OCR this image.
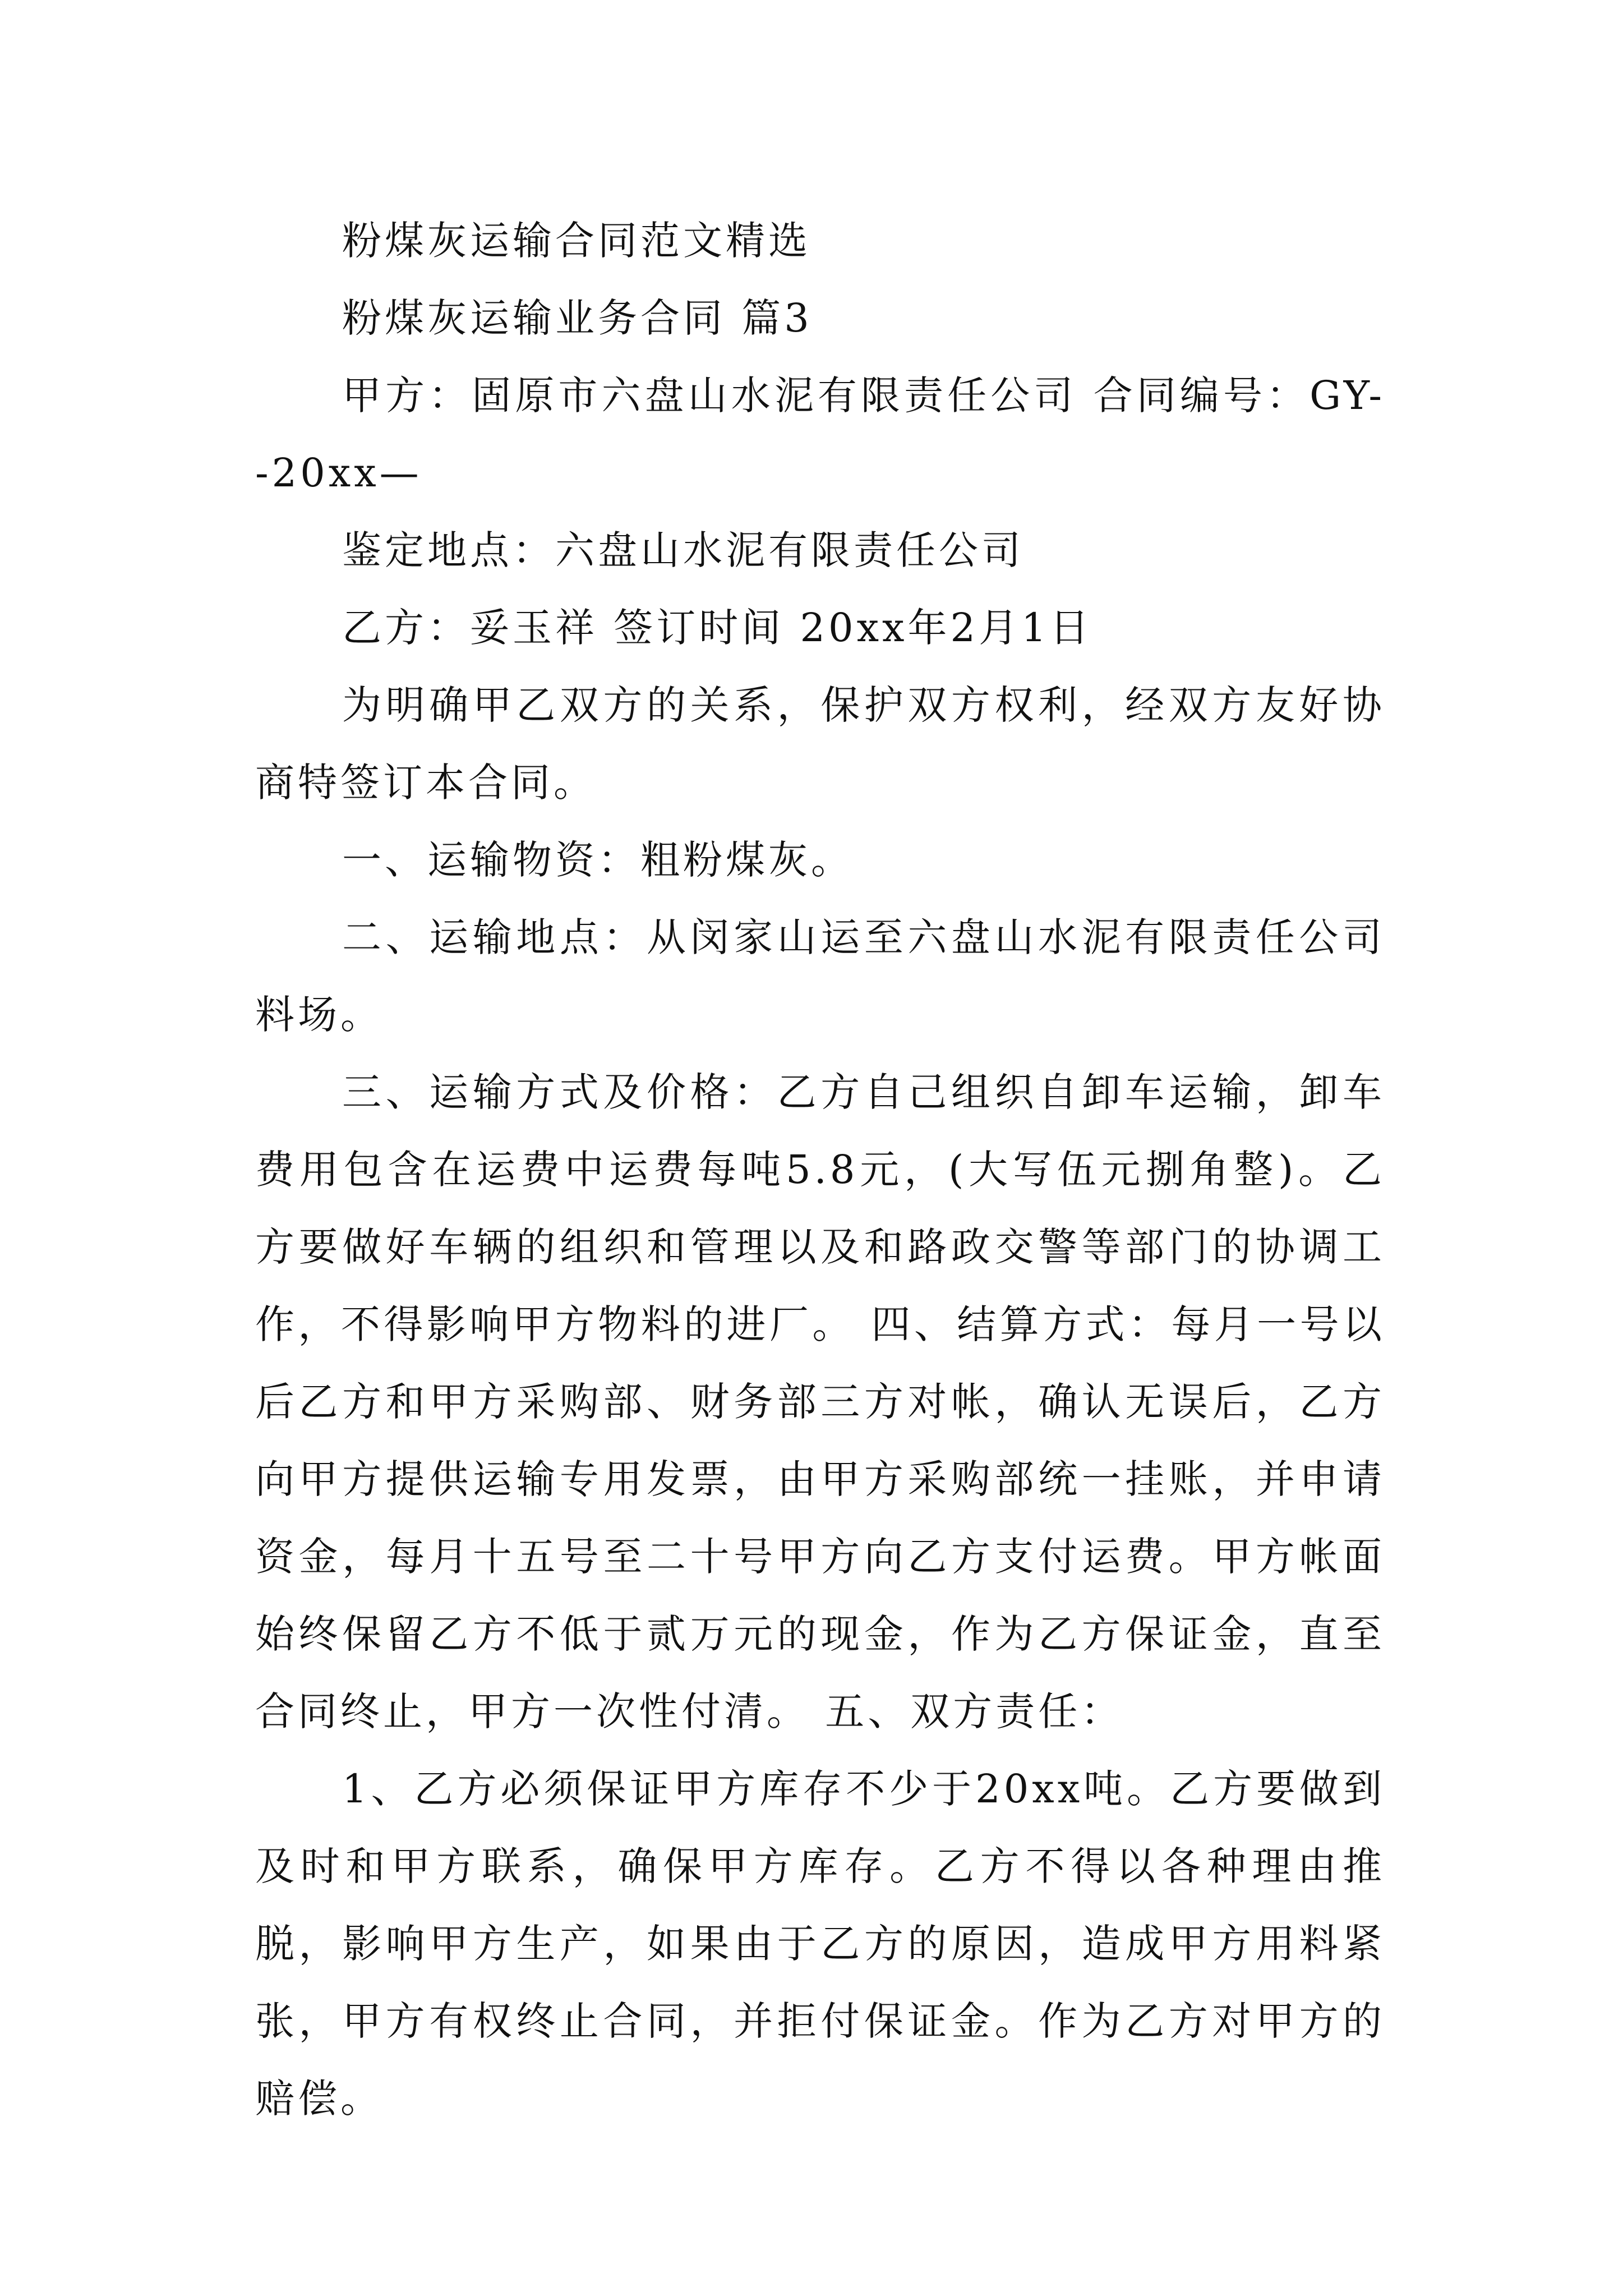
粉煤灰运输合同范文精选

粉煤灰运输业务合同 篇3

甲方：固原市六盘山水泥有限责任公司 合同编号：GY--20xx—

鉴定地点：六盘山水泥有限责任公司

乙方：妥玉祥 签订时间 20xx年2月1日

为明确甲乙双方的关系，保护双方权利，经双方友好协商特签订本合同。

一、运输物资：粗粉煤灰。

二、运输地点：从闵家山运至六盘山水泥有限责任公司料场。

三、运输方式及价格：乙方自己组织自卸车运输，卸车费用包含在运费中运费每吨5.8元，(大写伍元捌角整)。乙方要做好车辆的组织和管理以及和路政交警等部门的协调工作，不得影响甲方物料的进厂。 四、结算方式：每月一号以后乙方和甲方采购部、财务部三方对帐，确认无误后，乙方向甲方提供运输专用发票，由甲方采购部统一挂账，并申请资金，每月十五号至二十号甲方向乙方支付运费。甲方帐面始终保留乙方不低于贰万元的现金，作为乙方保证金，直至合同终止，甲方一次性付清。 五、双方责任：

1、乙方必须保证甲方库存不少于20xx吨。乙方要做到及时和甲方联系，确保甲方库存。乙方不得以各种理由推脱，影响甲方生产，如果由于乙方的原因，造成甲方用料紧张，甲方有权终止合同，并拒付保证金。作为乙方对甲方的赔偿。
